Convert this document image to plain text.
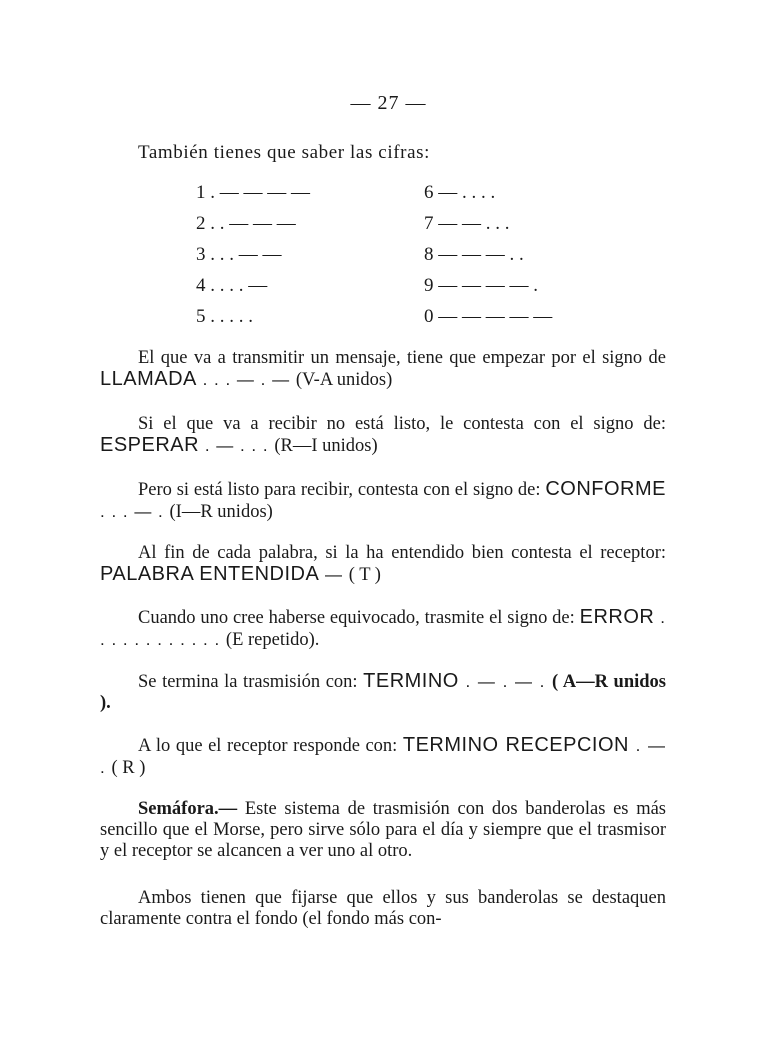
— 27 —
También tienes que saber las cifras:
1 . — — — —	6 — . . . .
2 . . — — —	7 — — . . .
3 . . . — —	8 — — — . .
4 . . . . —	9 — — — — .
5 . . . . .	0 — — — — —

El que va a transmitir un mensaje, tiene que empezar por el signo de LLAMADA . . . — . — (V-A unidos)

Si el que va a recibir no está listo, le contesta con el signo de: ESPERAR . — . . . (R—I unidos)

Pero si está listo para recibir, contesta con el signo de: CONFORME . . . — . (I—R unidos)

Al fin de cada palabra, si la ha entendido bien contesta el receptor: PALABRA ENTENDIDA — ( T )

Cuando uno cree haberse equivocado, trasmite el signo de: ERROR . . . . . . . . . . . . (E repetido).

Se termina la trasmisión con: TERMINO . — . — . ( A—R unidos ).

A lo que el receptor responde con: TERMINO RECEPCION . — . ( R )

Semáfora.— Este sistema de trasmisión con dos banderolas es más sencillo que el Morse, pero sirve sólo para el día y siempre que el trasmisor y el receptor se alcancen a ver uno al otro.

Ambos tienen que fijarse que ellos y sus banderolas se destaquen claramente contra el fondo (el fondo más con-
